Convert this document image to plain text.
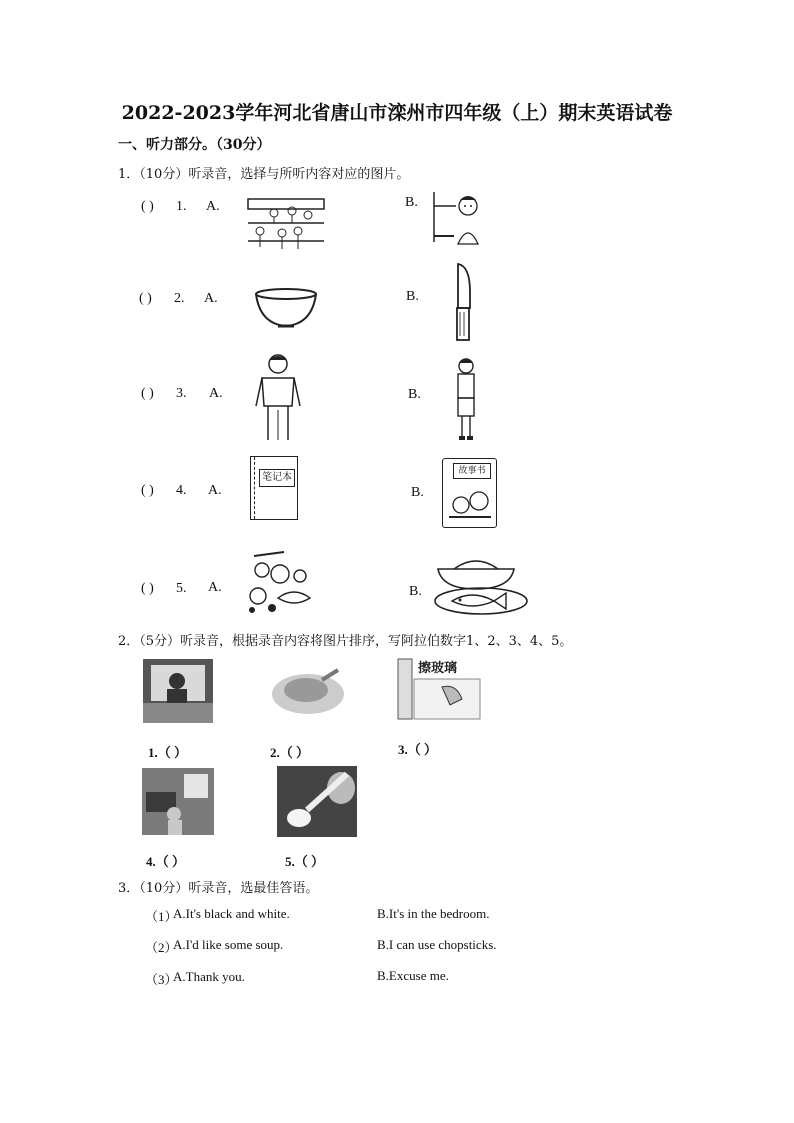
2022-2023学年河北省唐山市滦州市四年级（上）期末英语试卷
一、听力部分。（30分）
1．（10分）听录音，选择与所听内容对应的图片。
( ) 1. A.	B.
( ) 2. A.	B.
( ) 3. A.	B.
( ) 4. A.
笔记本
B.
故事书
( ) 5. A.	B.
2．（5分）听录音，根据录音内容将图片排序，写阿拉伯数字1、2、3、4、5。
擦玻璃
1.（ ）	2.（ ）	3.（ ）
4.（ ）	5.（ ）
3．（10分）听录音，选最佳答语。
（1）
A.It's black and white.	B.It's in the bedroom.
（2）
A.I'd like some soup.	B.I can use chopsticks.
（3）
A.Thank you.	B.Excuse me.
